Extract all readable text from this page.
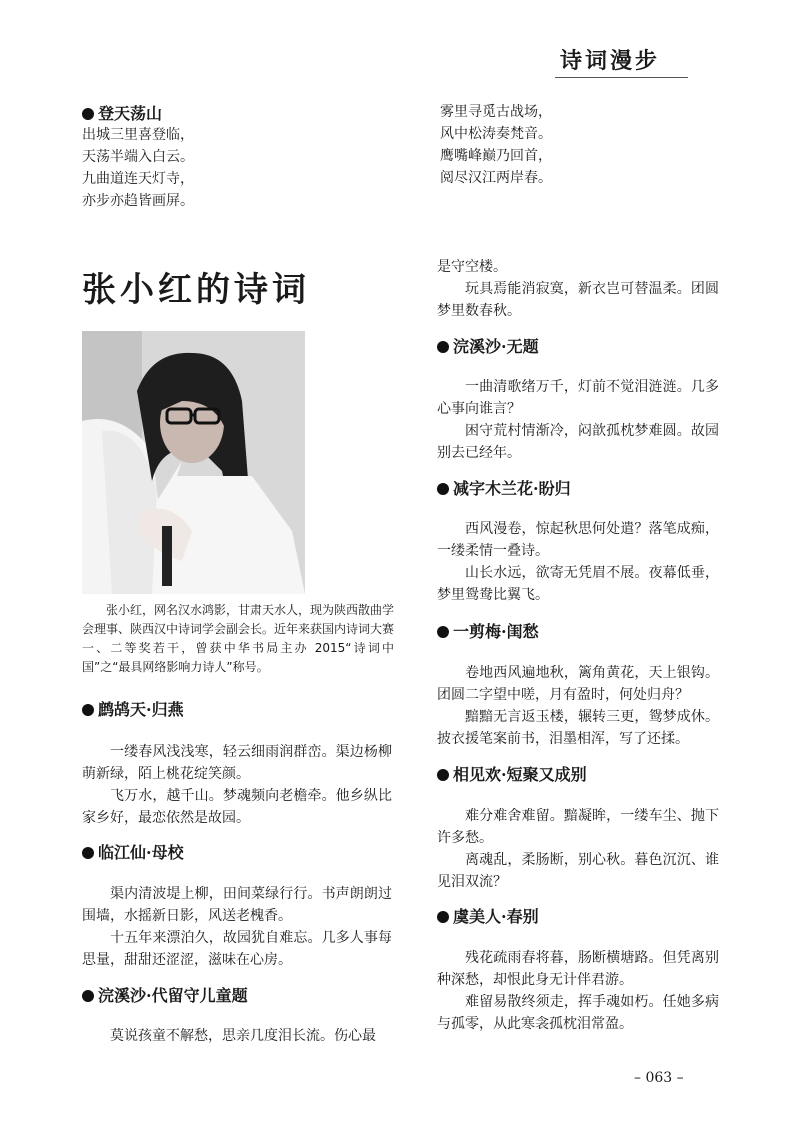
诗词漫步
登天荡山
出城三里喜登临，
天荡半端入白云。
九曲道连天灯寺，
亦步亦趋皆画屏。
雾里寻觅古战场，
风中松涛奏梵音。
鹰嘴峰巅乃回首，
阅尽汉江两岸春。
张小红的诗词
张小红，网名汉水鸿影，甘肃天水人，现为陕西散曲学会理事、陕西汉中诗词学会副会长。近年来获国内诗词大赛一、二等奖若干，曾获中华书局主办 2015“诗词中国”之“最具网络影响力诗人”称号。
鹧鸪天·归燕

一缕春风浅浅寒，轻云细雨润群峦。渠边杨柳萌新绿，陌上桃花绽笑颜。

飞万水，越千山。梦魂频向老檐牵。他乡纵比家乡好，最恋依然是故园。

临江仙·母校

渠内清波堤上柳，田间菜绿行行。书声朗朗过围墙，水摇新日影，风送老槐香。

十五年来漂泊久，故园犹自难忘。几多人事每思量，甜甜还涩涩，滋味在心房。

浣溪沙·代留守儿童题

莫说孩童不解愁，思亲几度泪长流。伤心最

是守空楼。

玩具焉能消寂寞，新衣岂可替温柔。团圆梦里数春秋。

浣溪沙·无题

一曲清歌绪万千，灯前不觉泪涟涟。几多心事向谁言？

困守荒村情渐冷，闷歆孤枕梦难圆。故园别去已经年。

减字木兰花·盼归

西风漫卷，惊起秋思何处遣？落笔成痴，一缕柔情一叠诗。

山长水远，欲寄无凭眉不展。夜幕低垂，梦里鸳鸯比翼飞。

一剪梅·闺愁

卷地西风遍地秋，篱角黄花，天上银钩。团圆二字望中嗟，月有盈时，何处归舟？

黯黯无言返玉楼，辗转三更，鸳梦成休。披衣援笔案前书，泪墨相浑，写了还揉。

相见欢·短聚又成别

难分难舍难留。黯凝眸，一缕车尘、抛下许多愁。

离魂乱，柔肠断，别心秋。暮色沉沉、谁见泪双流？

虞美人·春别

残花疏雨春将暮，肠断横塘路。但凭离别种深愁，却恨此身无计伴君游。

难留易散终须走，挥手魂如朽。任她多病与孤零，从此寒衾孤枕泪常盈。

– 063 –
